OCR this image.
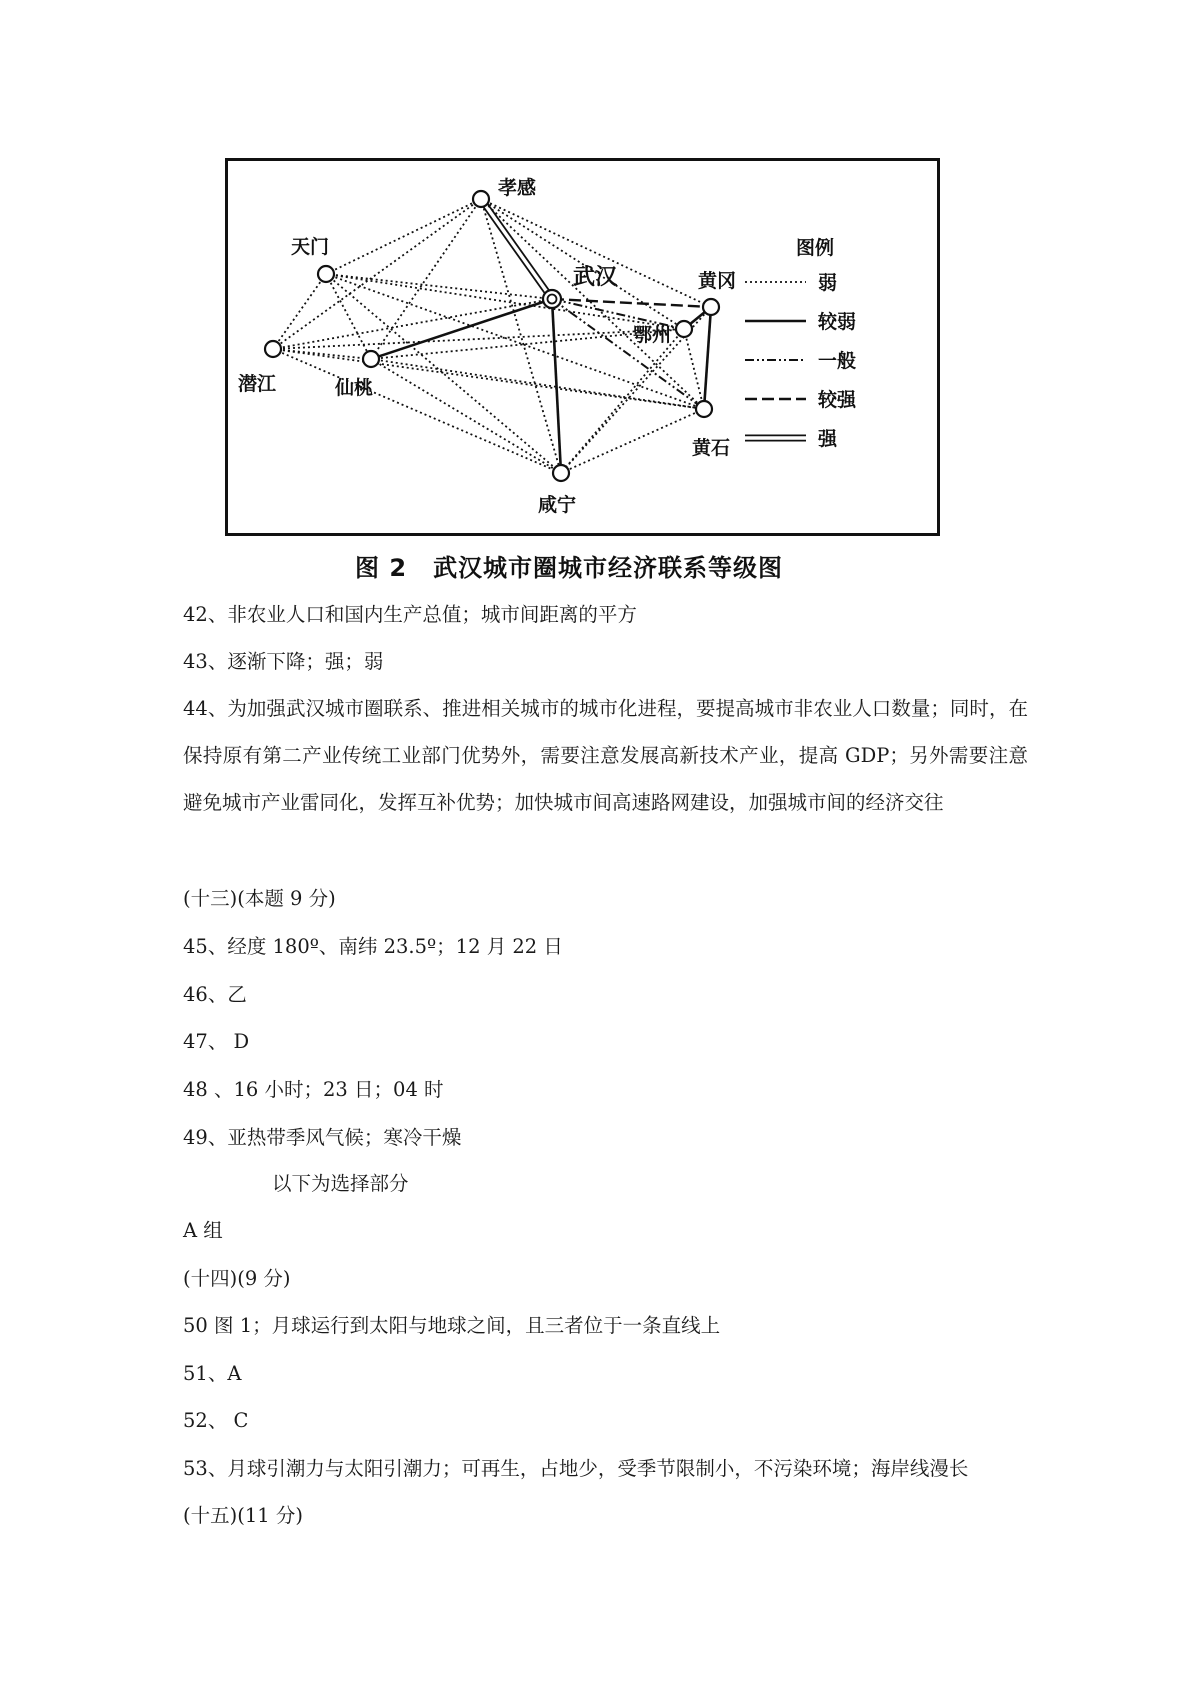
孝感
天门
武汉	黄冈
鄂州
潜江	仙桃
黄石
咸宁
图例
弱
较弱
一般
较强
强
图 2 武汉城市圈城市经济联系等级图
42、非农业人口和国内生产总值；城市间距离的平方
43、逐渐下降；强；弱
44、为加强武汉城市圈联系、推进相关城市的城市化进程，要提高城市非农业人口数量；同时，在保持原有第二产业传统工业部门优势外，需要注意发展高新技术产业，提高 GDP；另外需要注意避免城市产业雷同化，发挥互补优势；加快城市间高速路网建设，加强城市间的经济交往
(十三)(本题 9 分)
45、经度 180º、南纬 23.5º；12 月 22 日
46、乙
47、 D
48 、16 小时；23 日；04 时
49、亚热带季风气候；寒冷干燥
以下为选择部分
A 组
(十四)(9 分)
50 图 1；月球运行到太阳与地球之间，且三者位于一条直线上
51、A
52、 C
53、月球引潮力与太阳引潮力；可再生，占地少，受季节限制小，不污染环境；海岸线漫长
(十五)(11 分)
